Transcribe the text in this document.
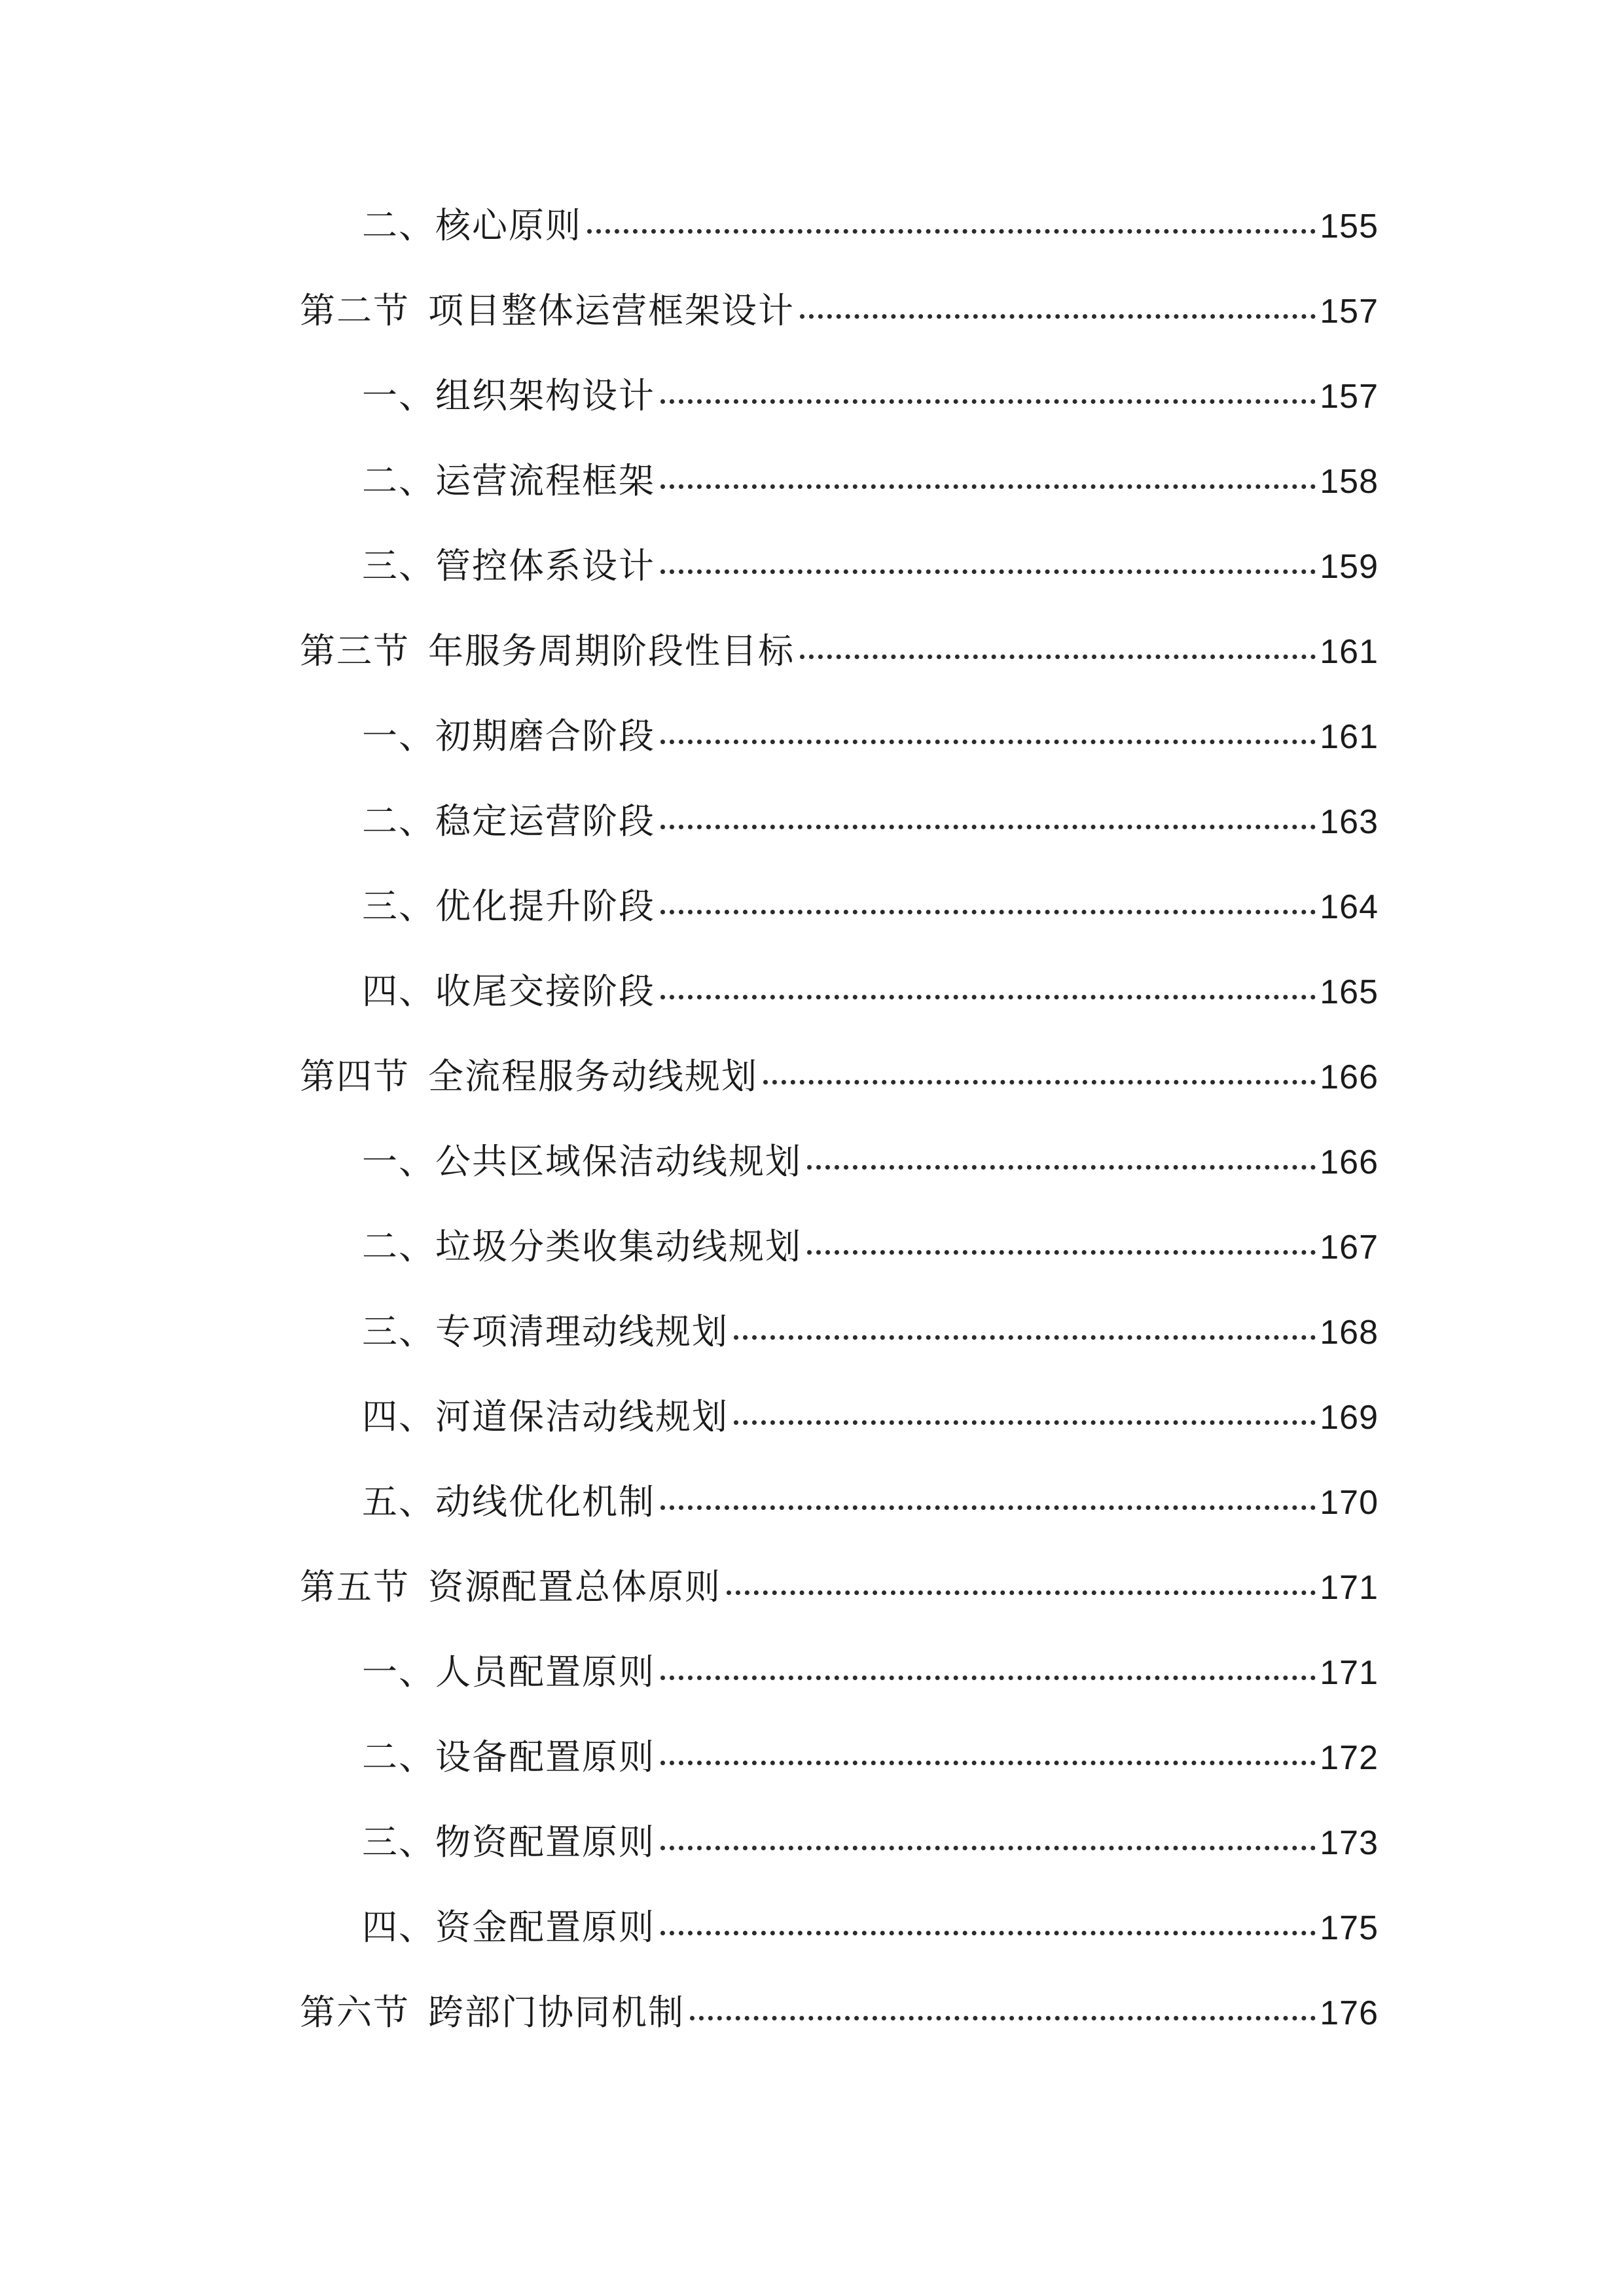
二、核心原则	155
第二节 项目整体运营框架设计	157
一、组织架构设计	157
二、运营流程框架	158
三、管控体系设计	159
第三节 年服务周期阶段性目标	161
一、初期磨合阶段	161
二、稳定运营阶段	163
三、优化提升阶段	164
四、收尾交接阶段	165
第四节 全流程服务动线规划	166
一、公共区域保洁动线规划	166
二、垃圾分类收集动线规划	167
三、专项清理动线规划	168
四、河道保洁动线规划	169
五、动线优化机制	170
第五节 资源配置总体原则	171
一、人员配置原则	171
二、设备配置原则	172
三、物资配置原则	173
四、资金配置原则	175
第六节 跨部门协同机制	176
